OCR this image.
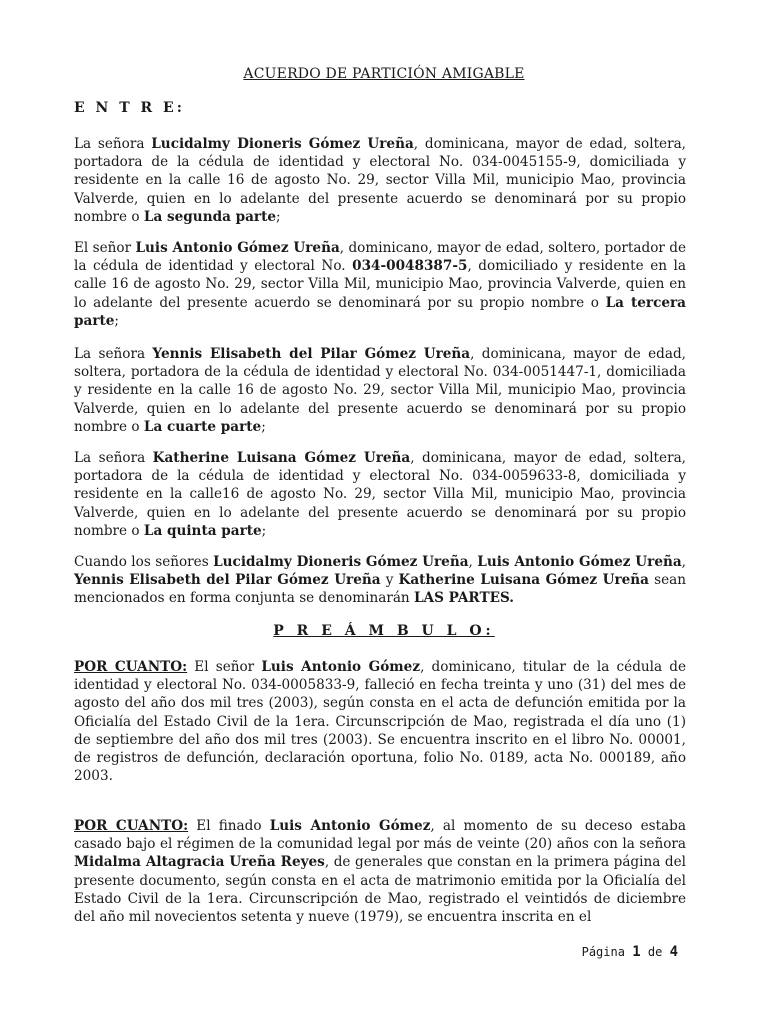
ACUERDO DE PARTICIÓN AMIGABLE
E N T R E:

La señora Lucidalmy Dioneris Gómez Ureña, dominicana, mayor de edad, soltera, portadora de la cédula de identidad y electoral No. 034-0045155-9, domiciliada y residente en la calle 16 de agosto No. 29, sector Villa Mil, municipio Mao, provincia Valverde, quien en lo adelante del presente acuerdo se denominará por su propio nombre o La segunda parte;

El señor Luis Antonio Gómez Ureña, dominicano, mayor de edad, soltero, portador de la cédula de identidad y electoral No. 034-0048387-5, domiciliado y residente en la calle 16 de agosto No. 29, sector Villa Mil, municipio Mao, provincia Valverde, quien en lo adelante del presente acuerdo se denominará por su propio nombre o La tercera parte;

La señora Yennis Elisabeth del Pilar Gómez Ureña, dominicana, mayor de edad, soltera, portadora de la cédula de identidad y electoral No. 034-0051447-1, domiciliada y residente en la calle 16 de agosto No. 29, sector Villa Mil, municipio Mao, provincia Valverde, quien en lo adelante del presente acuerdo se denominará por su propio nombre o La cuarte parte;

La señora Katherine Luisana Gómez Ureña, dominicana, mayor de edad, soltera, portadora de la cédula de identidad y electoral No. 034-0059633-8, domiciliada y residente en la calle16 de agosto No. 29, sector Villa Mil, municipio Mao, provincia Valverde, quien en lo adelante del presente acuerdo se denominará por su propio nombre o La quinta parte;

Cuando los señores Lucidalmy Dioneris Gómez Ureña, Luis Antonio Gómez Ureña, Yennis Elisabeth del Pilar Gómez Ureña y Katherine Luisana Gómez Ureña sean mencionados en forma conjunta se denominarán LAS PARTES.

P R E Á M B U L O:

POR CUANTO: El señor Luis Antonio Gómez, dominicano, titular de la cédula de identidad y electoral No. 034-0005833-9, falleció en fecha treinta y uno (31) del mes de agosto del año dos mil tres (2003), según consta en el acta de defunción emitida por la Oficialía del Estado Civil de la 1era. Circunscripción de Mao, registrada el día uno (1) de septiembre del año dos mil tres (2003). Se encuentra inscrito en el libro No. 00001, de registros de defunción, declaración oportuna, folio No. 0189, acta No. 000189, año 2003.

POR CUANTO: El finado Luis Antonio Gómez, al momento de su deceso estaba casado bajo el régimen de la comunidad legal por más de veinte (20) años con la señora Midalma Altagracia Ureña Reyes, de generales que constan en la primera página del presente documento, según consta en el acta de matrimonio emitida por la Oficialía del Estado Civil de la 1era. Circunscripción de Mao, registrado el veintidós de diciembre del año mil novecientos setenta y nueve (1979), se encuentra inscrita en el

Página 1 de 4
